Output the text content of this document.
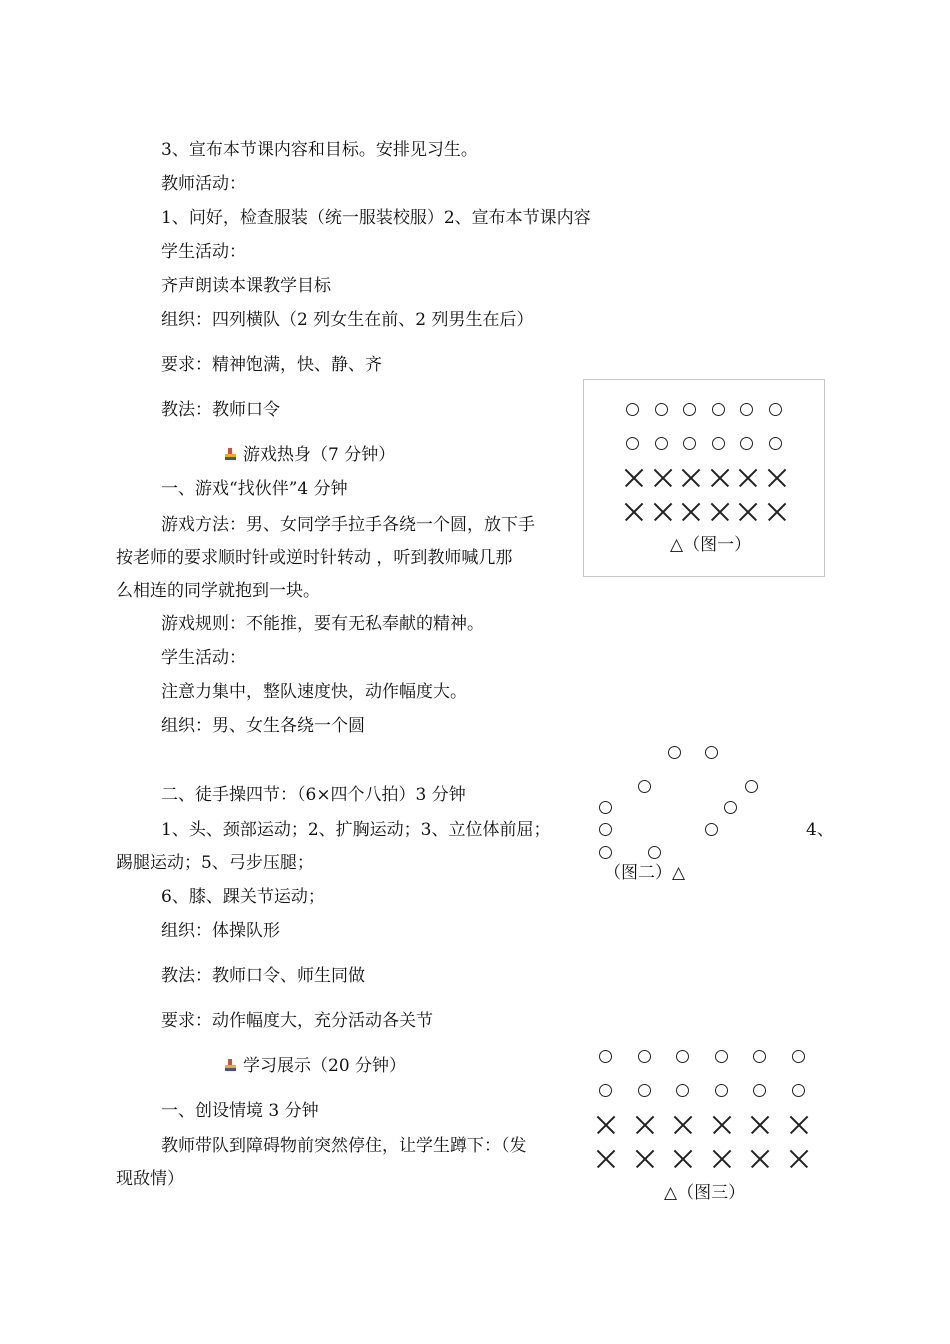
3、宣布本节课内容和目标。安排见习生。
教师活动：
1、问好，检查服装（统一服装校服）2、宣布本节课内容
学生活动：
齐声朗读本课教学目标
组织：四列横队（2 列女生在前、2 列男生在后）
要求：精神饱满，快、静、齐
教法：教师口令
△（图一）
游戏热身（7 分钟）
一、游戏“找伙伴”4 分钟
游戏方法：男、女同学手拉手各绕一个圆，放下手
按老师的要求顺时针或逆时针转动 ，听到教师喊几那
么相连的同学就抱到一块。
游戏规则：不能推，要有无私奉献的精神。
学生活动：
注意力集中，整队速度快，动作幅度大。
组织：男、女生各绕一个圆
（图二）△
二、徒手操四节：（6×四个八拍）3 分钟
1、头、颈部运动；2、扩胸运动；3、立位体前屈；	4、
踢腿运动；5、弓步压腿；
6、膝、踝关节运动；
组织：体操队形
教法：教师口令、师生同做
要求：动作幅度大，充分活动各关节
学习展示（20 分钟）
一、创设情境 3 分钟
教师带队到障碍物前突然停住，让学生蹲下：（发
现敌情）
△（图三）
